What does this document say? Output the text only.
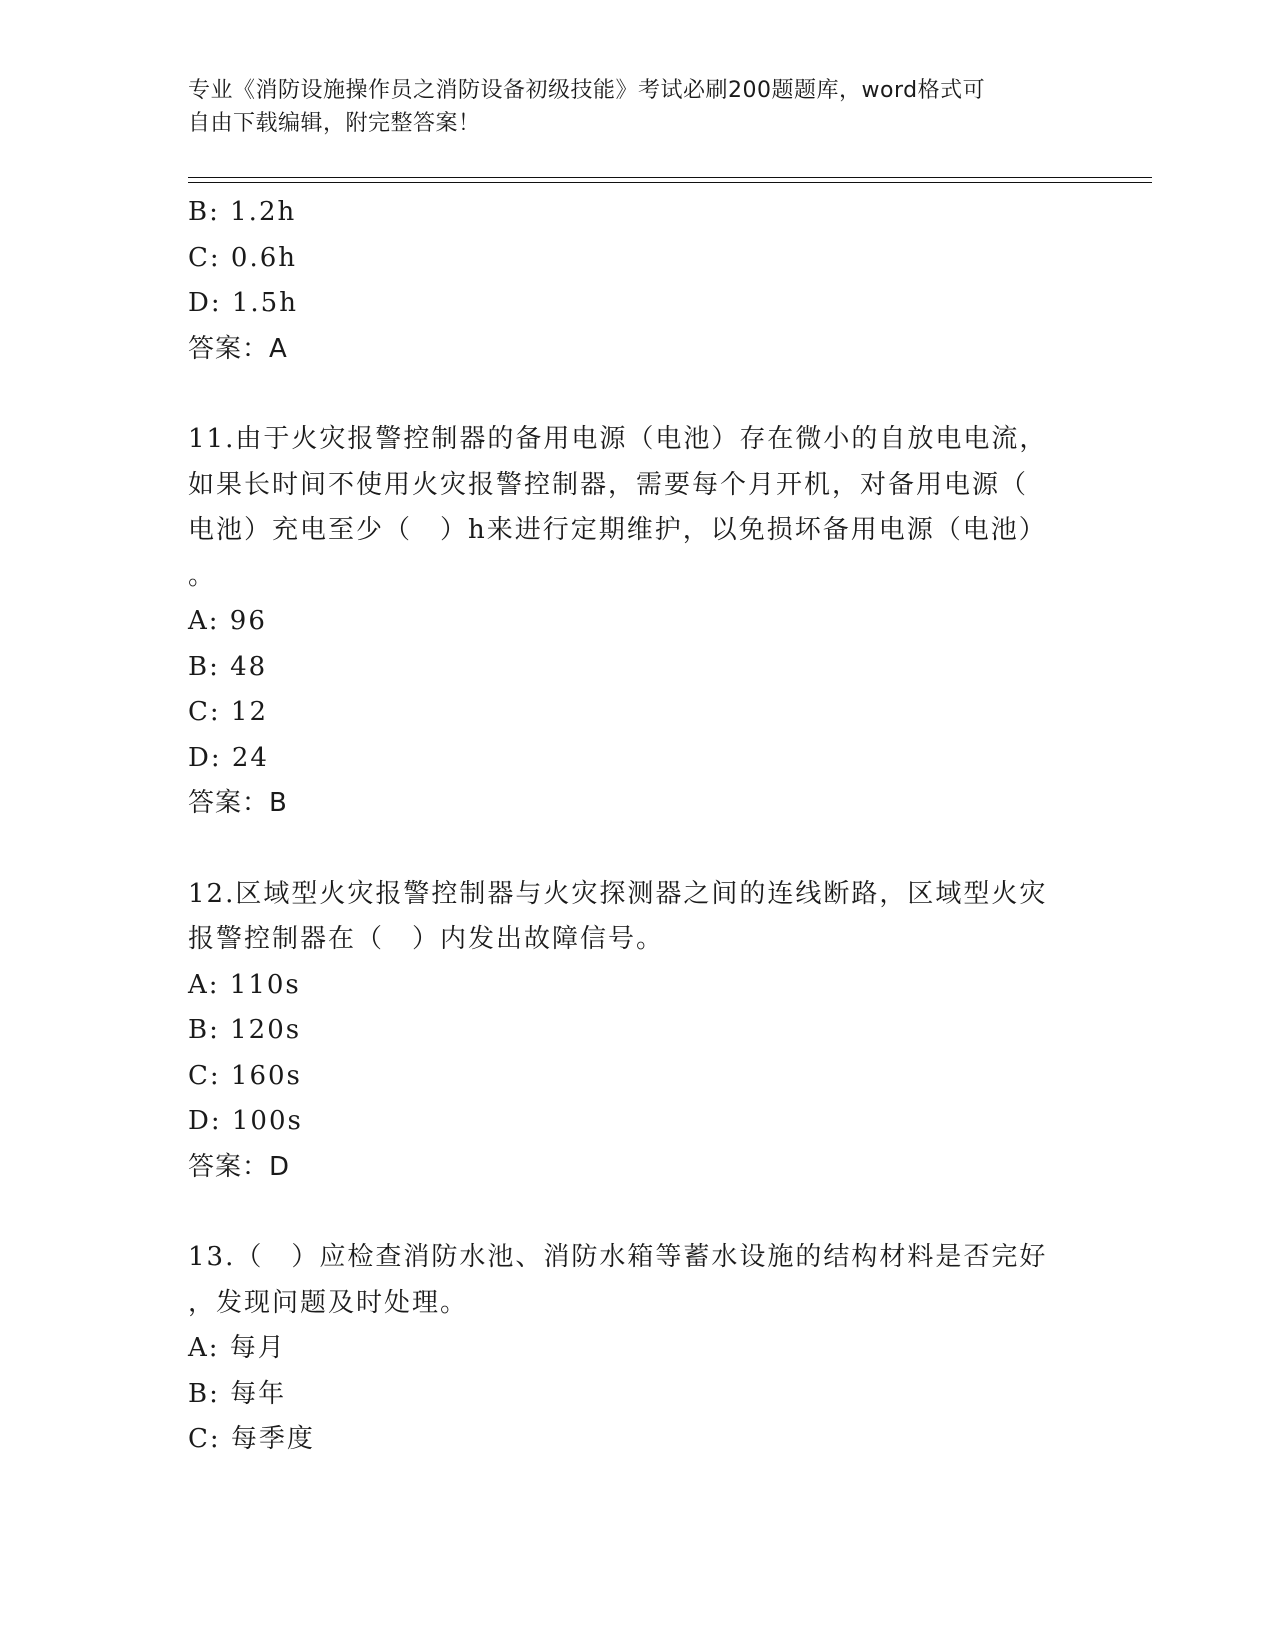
专业《消防设施操作员之消防设备初级技能》考试必刷200题题库，word格式可
自由下载编辑，附完整答案！
B: 1.2h
C: 0.6h
D: 1.5h
答案：A
11.由于火灾报警控制器的备用电源（电池）存在微小的自放电电流，
如果长时间不使用火灾报警控制器，需要每个月开机，对备用电源（
电池）充电至少（　）h来进行定期维护，以免损坏备用电源（电池）
。
A: 96
B: 48
C: 12
D: 24
答案：B
12.区域型火灾报警控制器与火灾探测器之间的连线断路，区域型火灾
报警控制器在（　）内发出故障信号。
A: 110s
B: 120s
C: 160s
D: 100s
答案：D
13.（　）应检查消防水池、消防水箱等蓄水设施的结构材料是否完好
，发现问题及时处理。
A: 每月
B: 每年
C: 每季度
